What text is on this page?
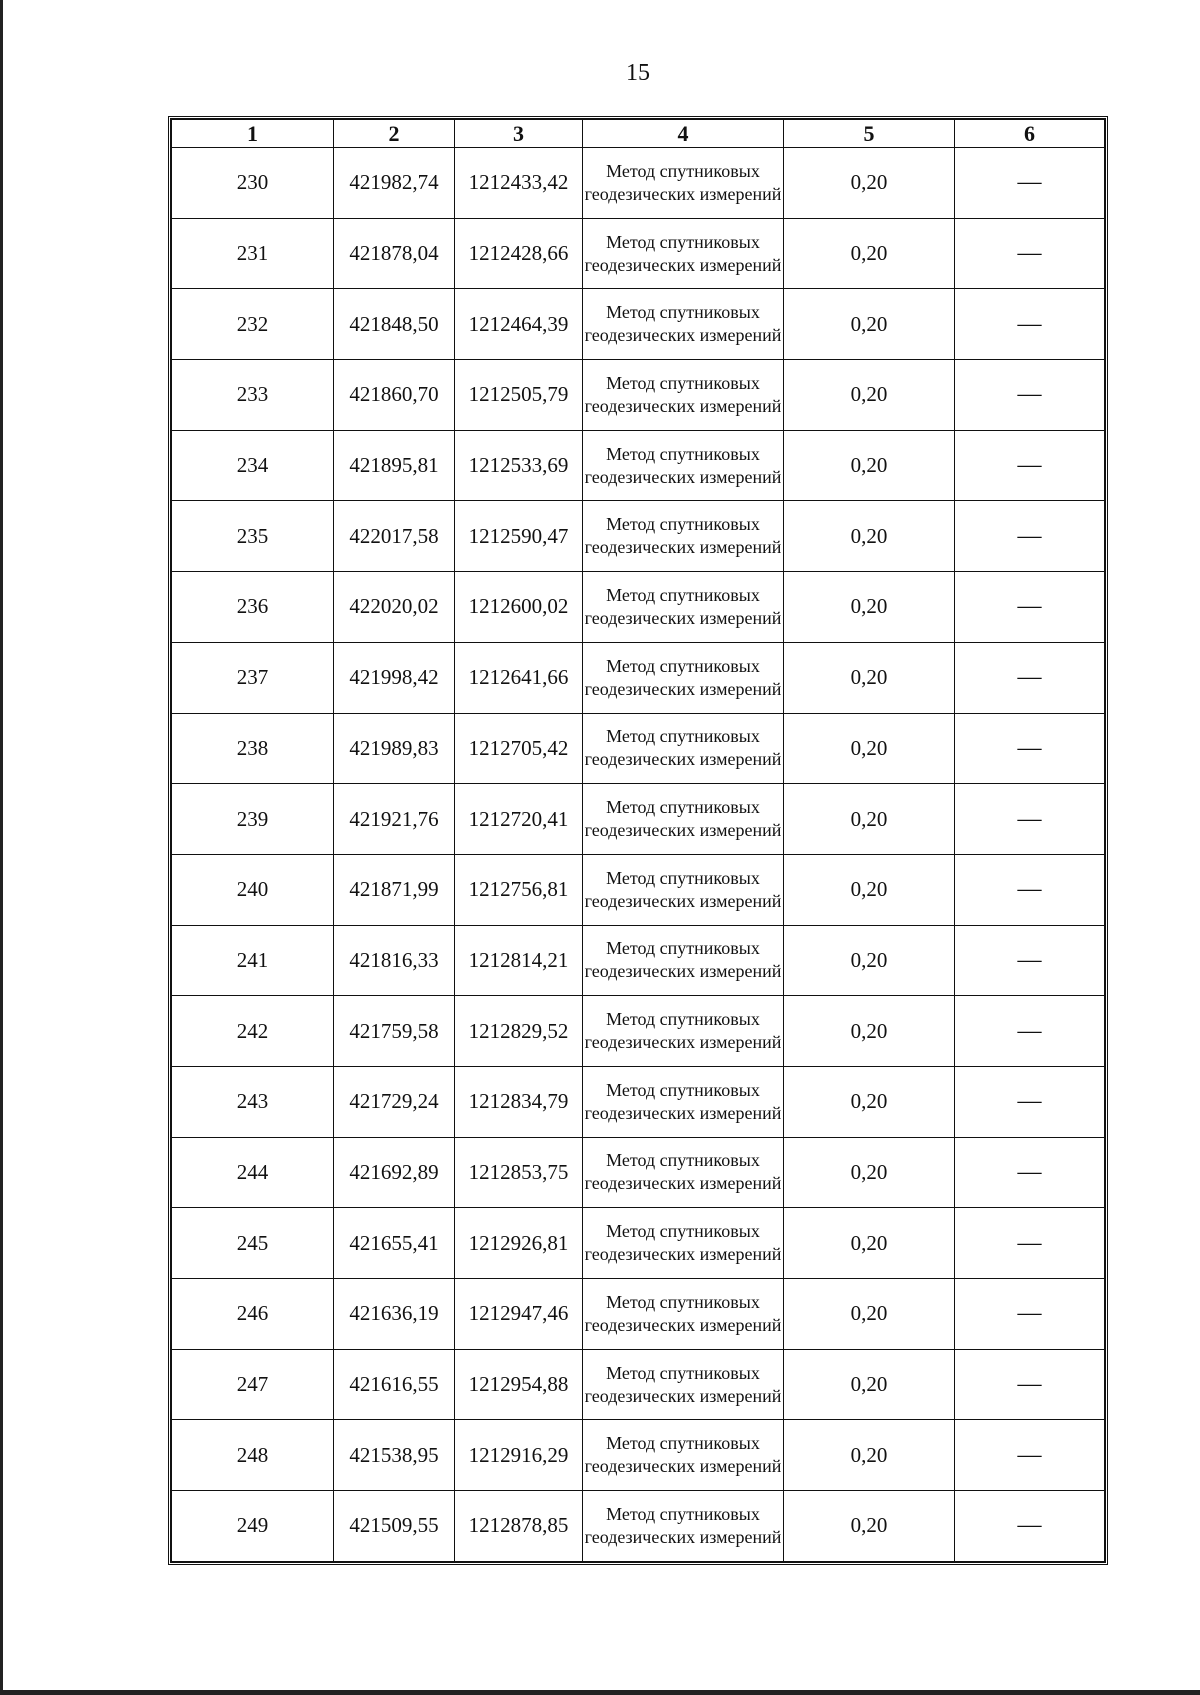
15
1	2	3	4	5	6
230	421982,74	1212433,42	Метод спутниковых геодезических измерений	0,20	—
231	421878,04	1212428,66	Метод спутниковых геодезических измерений	0,20	—
232	421848,50	1212464,39	Метод спутниковых геодезических измерений	0,20	—
233	421860,70	1212505,79	Метод спутниковых геодезических измерений	0,20	—
234	421895,81	1212533,69	Метод спутниковых геодезических измерений	0,20	—
235	422017,58	1212590,47	Метод спутниковых геодезических измерений	0,20	—
236	422020,02	1212600,02	Метод спутниковых геодезических измерений	0,20	—
237	421998,42	1212641,66	Метод спутниковых геодезических измерений	0,20	—
238	421989,83	1212705,42	Метод спутниковых геодезических измерений	0,20	—
239	421921,76	1212720,41	Метод спутниковых геодезических измерений	0,20	—
240	421871,99	1212756,81	Метод спутниковых геодезических измерений	0,20	—
241	421816,33	1212814,21	Метод спутниковых геодезических измерений	0,20	—
242	421759,58	1212829,52	Метод спутниковых геодезических измерений	0,20	—
243	421729,24	1212834,79	Метод спутниковых геодезических измерений	0,20	—
244	421692,89	1212853,75	Метод спутниковых геодезических измерений	0,20	—
245	421655,41	1212926,81	Метод спутниковых геодезических измерений	0,20	—
246	421636,19	1212947,46	Метод спутниковых геодезических измерений	0,20	—
247	421616,55	1212954,88	Метод спутниковых геодезических измерений	0,20	—
248	421538,95	1212916,29	Метод спутниковых геодезических измерений	0,20	—
249	421509,55	1212878,85	Метод спутниковых геодезических измерений	0,20	—
